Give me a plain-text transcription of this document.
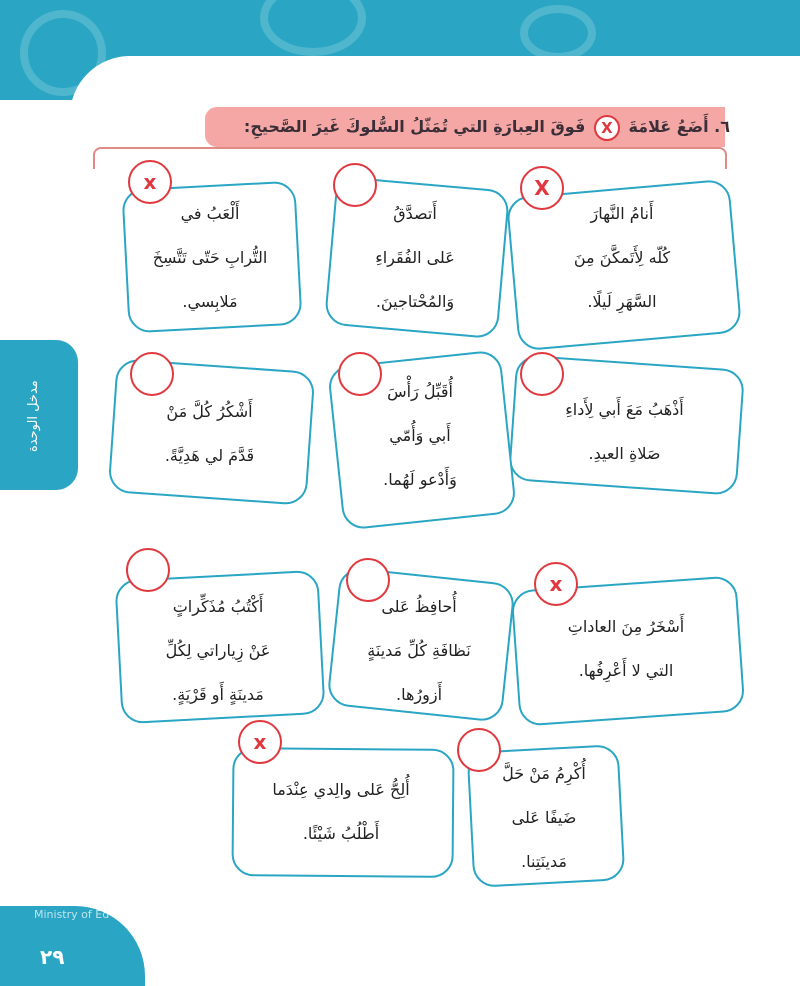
مدخل الوحدة
٦. أَضَعُ عَلامَةَ X فَوقَ العِبارَةِ التي تُمَثّلُ السُّلوكَ غَيرَ الصَّحيحِ:
أَنامُ النَّهارَ
كُلّه لِأَتَمكَّنَ مِنَ
السَّهَرِ لَيلًا.
X
أَتصدَّقُ
عَلى الفُقَراءِ
وَالمُحْتاجينَ.
أَلْعَبُ في
التُّرابِ حَتّى تَتَّسِخَ
مَلابِسي.
x
أَذْهَبُ مَعَ أَبي لِأَداءِ
صَلاةِ العيدِ.
أُقَبِّلُ رَأْسَ
أَبي وَأُمّي
وَأَدْعو لَهُما.
أَشْكُرُ كُلَّ مَنْ
قَدَّمَ لي هَدِيَّةً.
أَسْخَرُ مِنَ العاداتِ
التي لا أَعْرِفُها.
x
أُحافِظُ عَلى
نَظافَةِ كُلِّ مَدينَةٍ
أَزورُها.
أَكْتُبُ مُذَكِّراتٍ
عَنْ زِياراتي لِكُلِّ
مَدينَةٍ أَو قَرْيَةٍ.
أُكْرِمُ مَنْ حَلَّ
ضَيفًا عَلى
مَدينَتِنا.
أُلِحُّ عَلى والِدي عِنْدَما
أَطْلُبُ شَيْئًا.
x
Ministry of Ed
٢٩
